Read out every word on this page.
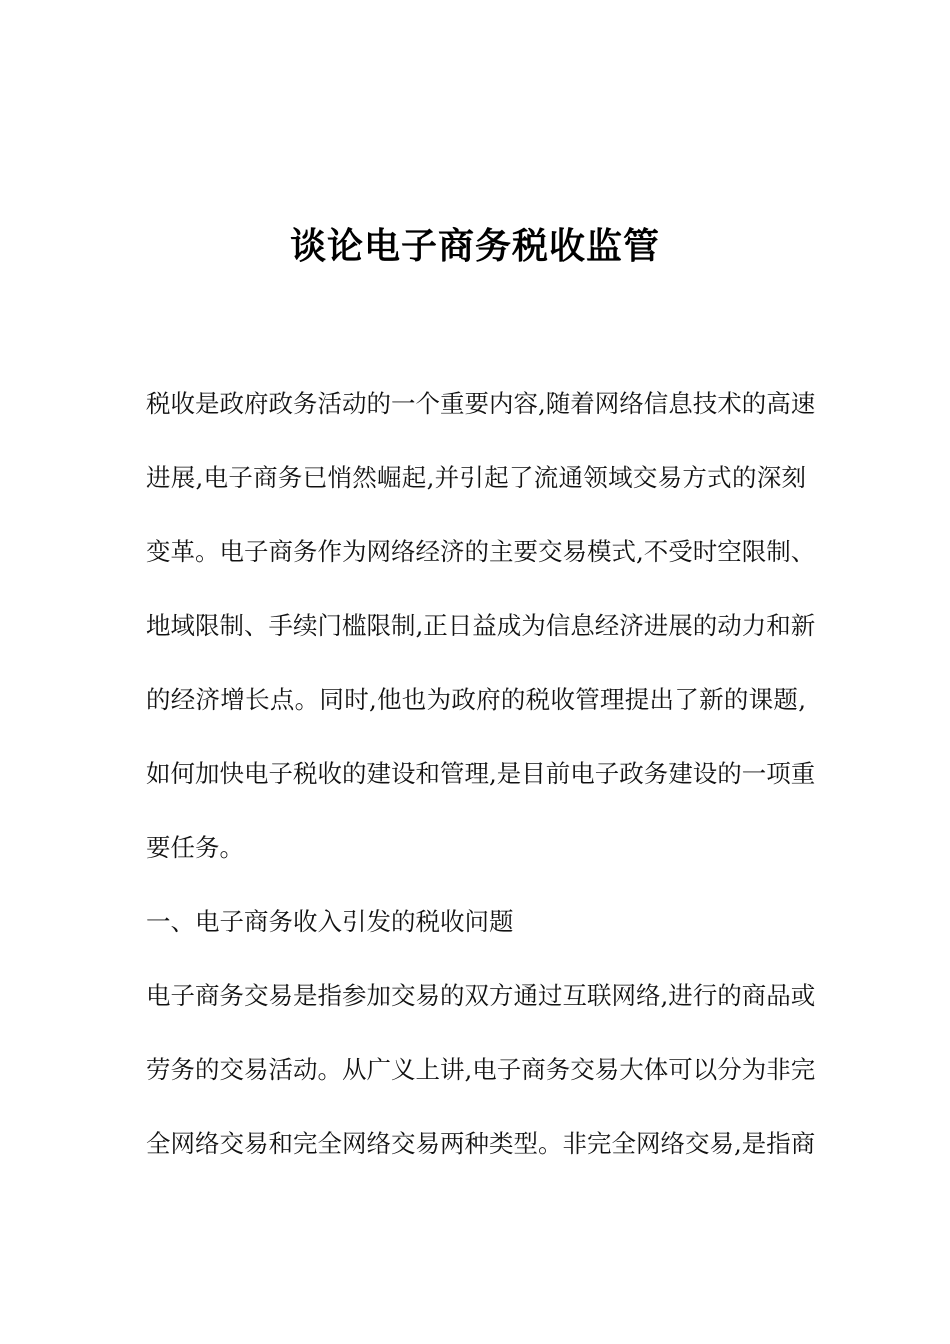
谈论电子商务税收监管
税收是政府政务活动的一个重要内容,随着网络信息技术的高速
进展,电子商务已悄然崛起,并引起了流通领域交易方式的深刻
变革。电子商务作为网络经济的主要交易模式,不受时空限制、
地域限制、手续门槛限制,正日益成为信息经济进展的动力和新
的经济增长点。同时,他也为政府的税收管理提出了新的课题,
如何加快电子税收的建设和管理,是目前电子政务建设的一项重
要任务。
一、电子商务收入引发的税收问题
电子商务交易是指参加交易的双方通过互联网络,进行的商品或
劳务的交易活动。从广义上讲,电子商务交易大体可以分为非完
全网络交易和完全网络交易两种类型。非完全网络交易,是指商
